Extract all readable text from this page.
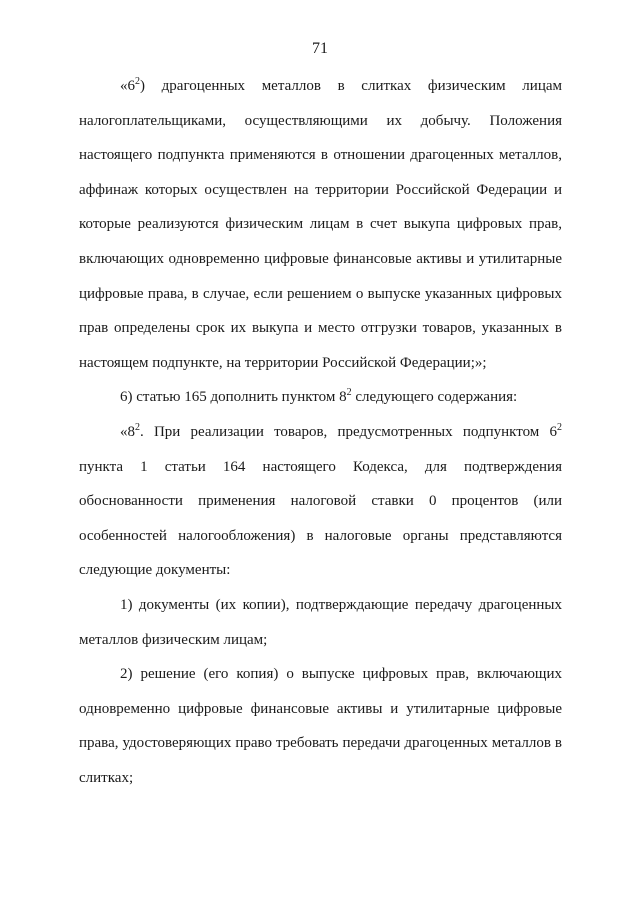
71

«$6^2$) драгоценных металлов в слитках физическим лицам налогоплательщиками, осуществляющими их добычу. Положения настоящего подпункта применяются в отношении драгоценных металлов, аффинаж которых осуществлен на территории Российской Федерации и которые реализуются физическим лицам в счет выкупа цифровых прав, включающих одновременно цифровые финансовые активы и утилитарные цифровые права, в случае, если решением о выпуске указанных цифровых прав определены срок их выкупа и место отгрузки товаров, указанных в настоящем подпункте, на территории Российской Федерации;»;

6) статью 165 дополнить пунктом $8^2$ следующего содержания:

«$8^2$. При реализации товаров, предусмотренных подпунктом $6^2$ пункта 1 статьи 164 настоящего Кодекса, для подтверждения обоснованности применения налоговой ставки 0 процентов (или особенностей налогообложения) в налоговые органы представляются следующие документы:

1) документы (их копии), подтверждающие передачу драгоценных металлов физическим лицам;

2) решение (его копия) о выпуске цифровых прав, включающих одновременно цифровые финансовые активы и утилитарные цифровые права, удостоверяющих право требовать передачи драгоценных металлов в слитках;
